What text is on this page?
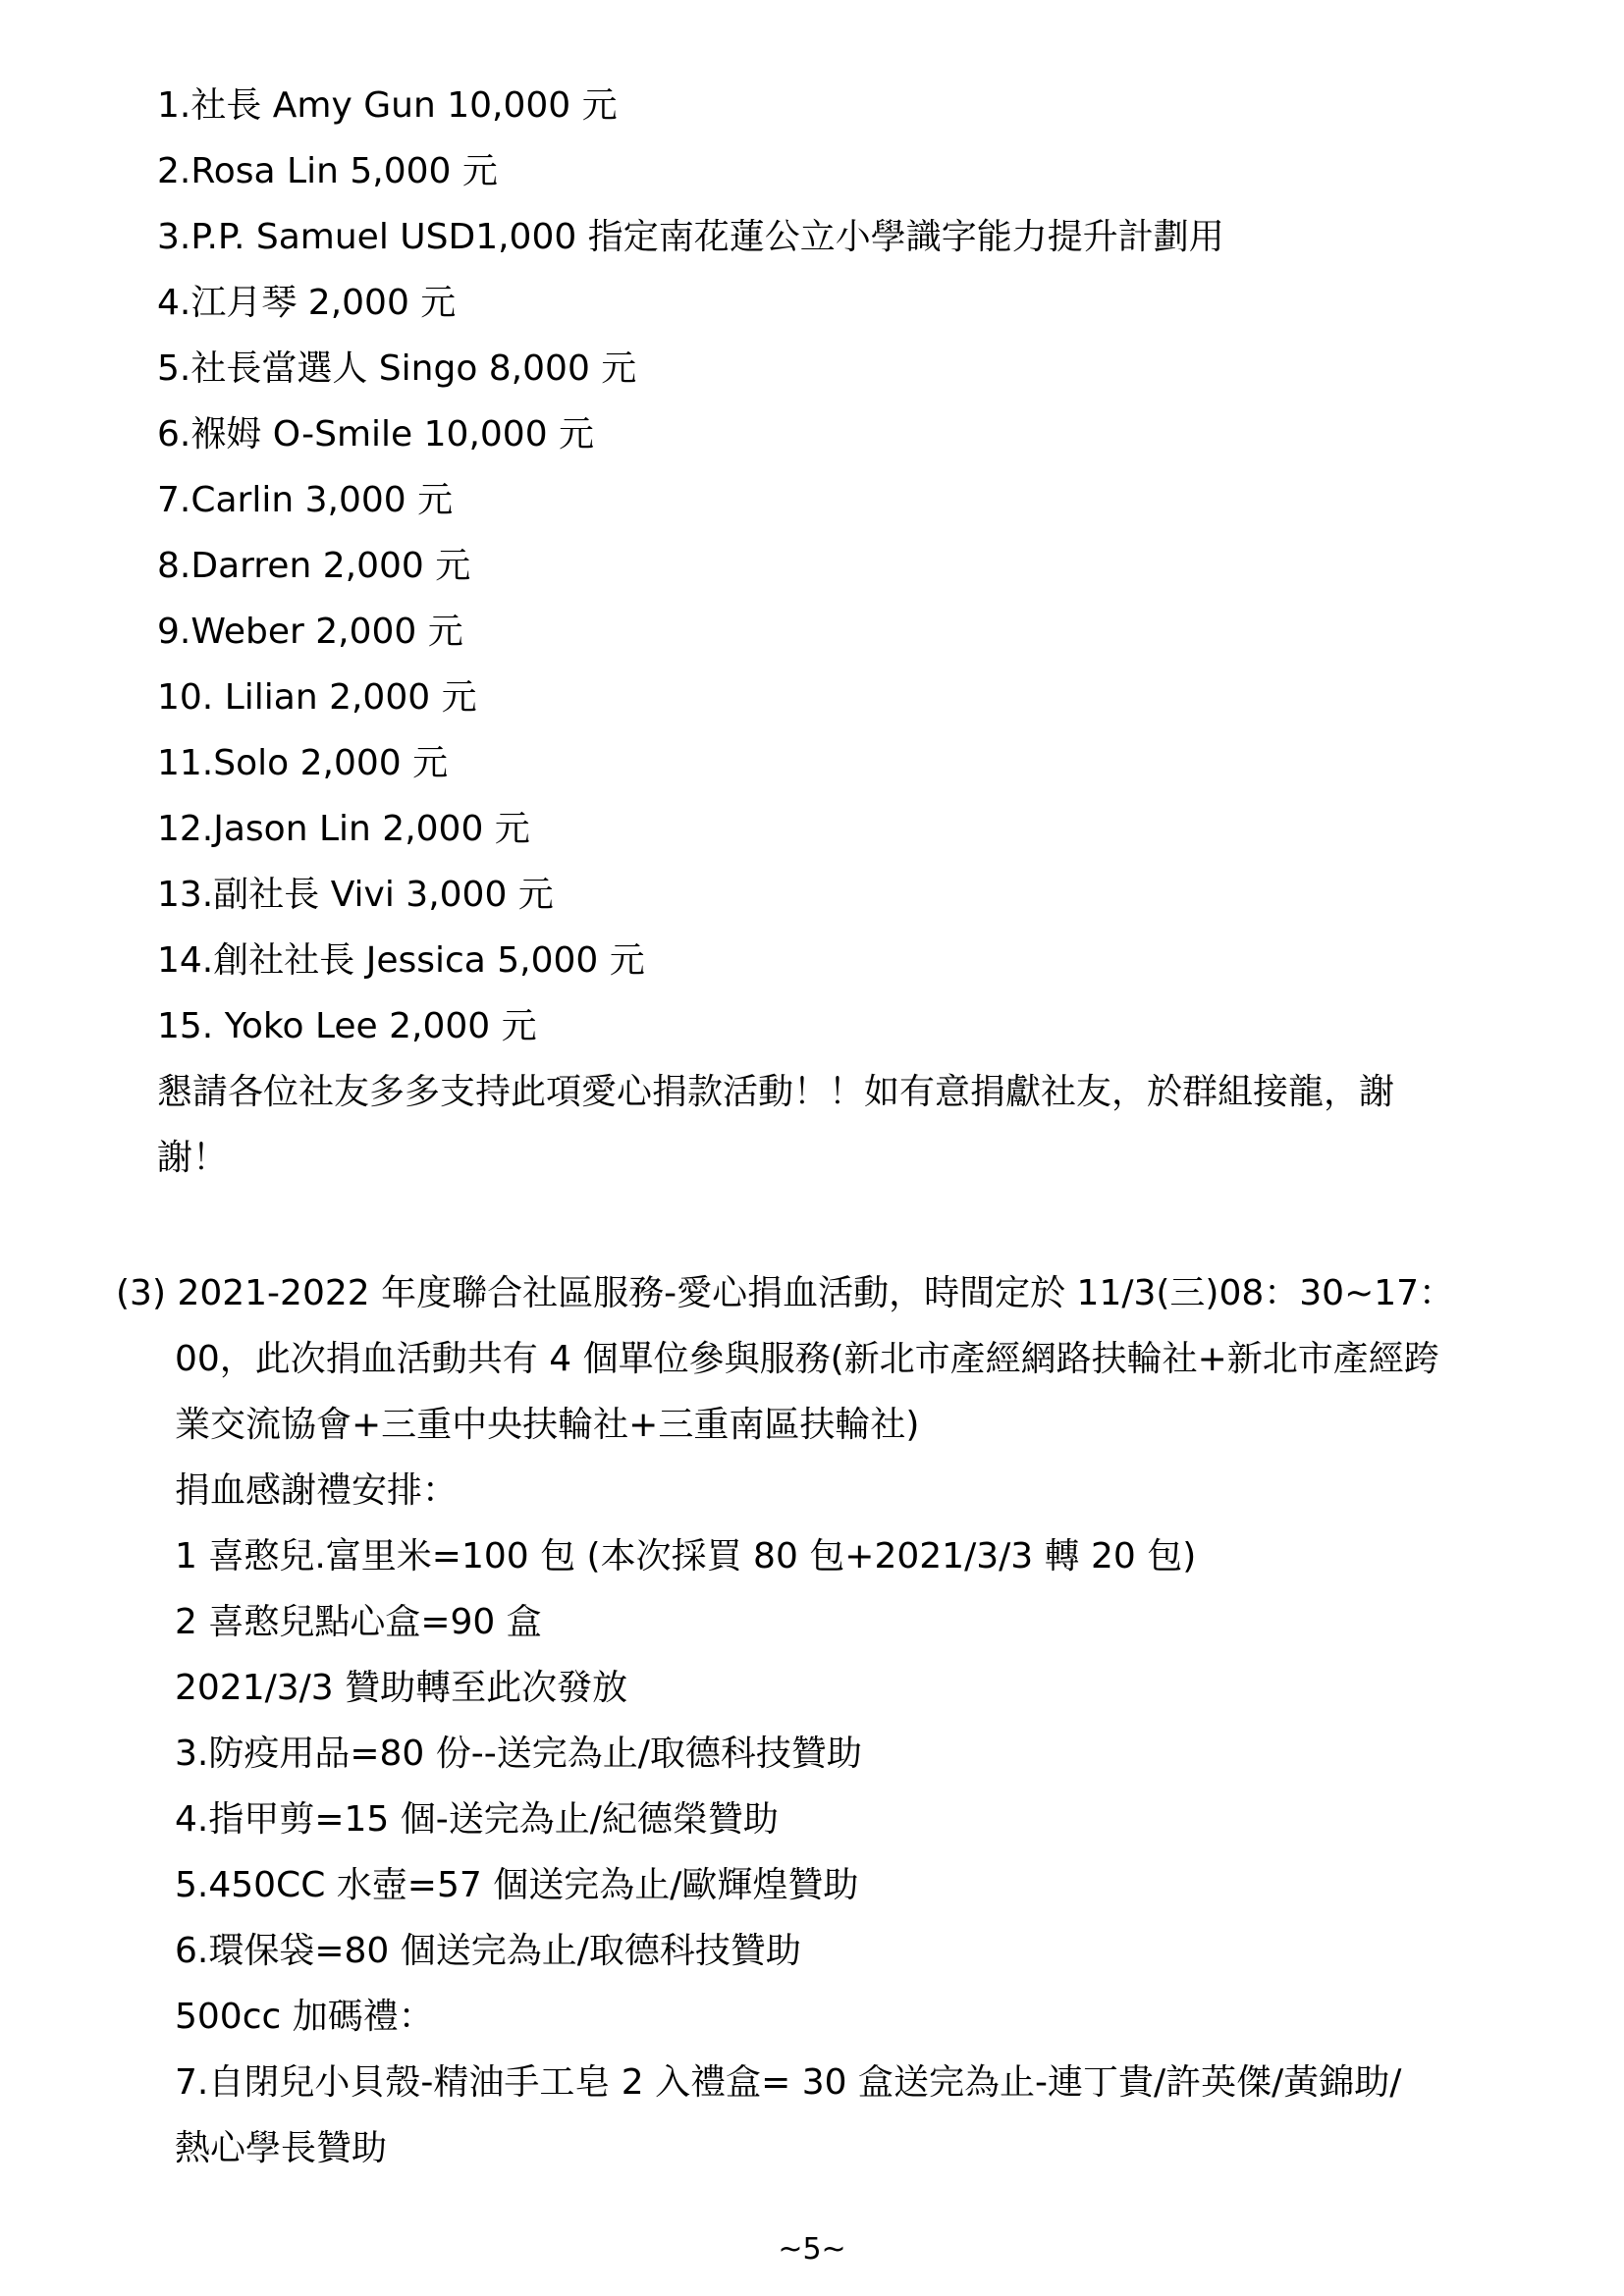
1.社長 Amy Gun 10,000 元
2.Rosa Lin 5,000 元
3.P.P. Samuel USD1,000 指定南花蓮公立小學識字能力提升計劃用
4.江月琴 2,000 元
5.社長當選人 Singo 8,000 元
6.褓姆 O-Smile 10,000 元
7.Carlin 3,000 元
8.Darren 2,000 元
9.Weber 2,000 元
10. Lilian 2,000 元
11.Solo 2,000 元
12.Jason Lin 2,000 元
13.副社長 Vivi 3,000 元
14.創社社長 Jessica 5,000 元
15. Yoko Lee 2,000 元
懇請各位社友多多支持此項愛心捐款活動！！如有意捐獻社友，於群組接龍，謝
謝！
(3) 2021-2022 年度聯合社區服務-愛心捐血活動，時間定於 11/3(三)08：30~17：
00，此次捐血活動共有 4 個單位參與服務(新北市產經網路扶輪社+新北市產經跨
業交流協會+三重中央扶輪社+三重南區扶輪社)
捐血感謝禮安排：
1 喜憨兒.富里米=100 包 (本次採買 80 包+2021/3/3 轉 20 包)
2 喜憨兒點心盒=90 盒
2021/3/3 贊助轉至此次發放
3.防疫用品=80 份--送完為止/取德科技贊助
4.指甲剪=15 個-送完為止/紀德榮贊助
5.450CC 水壺=57 個送完為止/歐輝煌贊助
6.環保袋=80 個送完為止/取德科技贊助
500cc 加碼禮：
7.自閉兒小貝殼-精油手工皂 2 入禮盒= 30 盒送完為止-連丁貴/許英傑/黃錦助/
熱心學長贊助
~5~
